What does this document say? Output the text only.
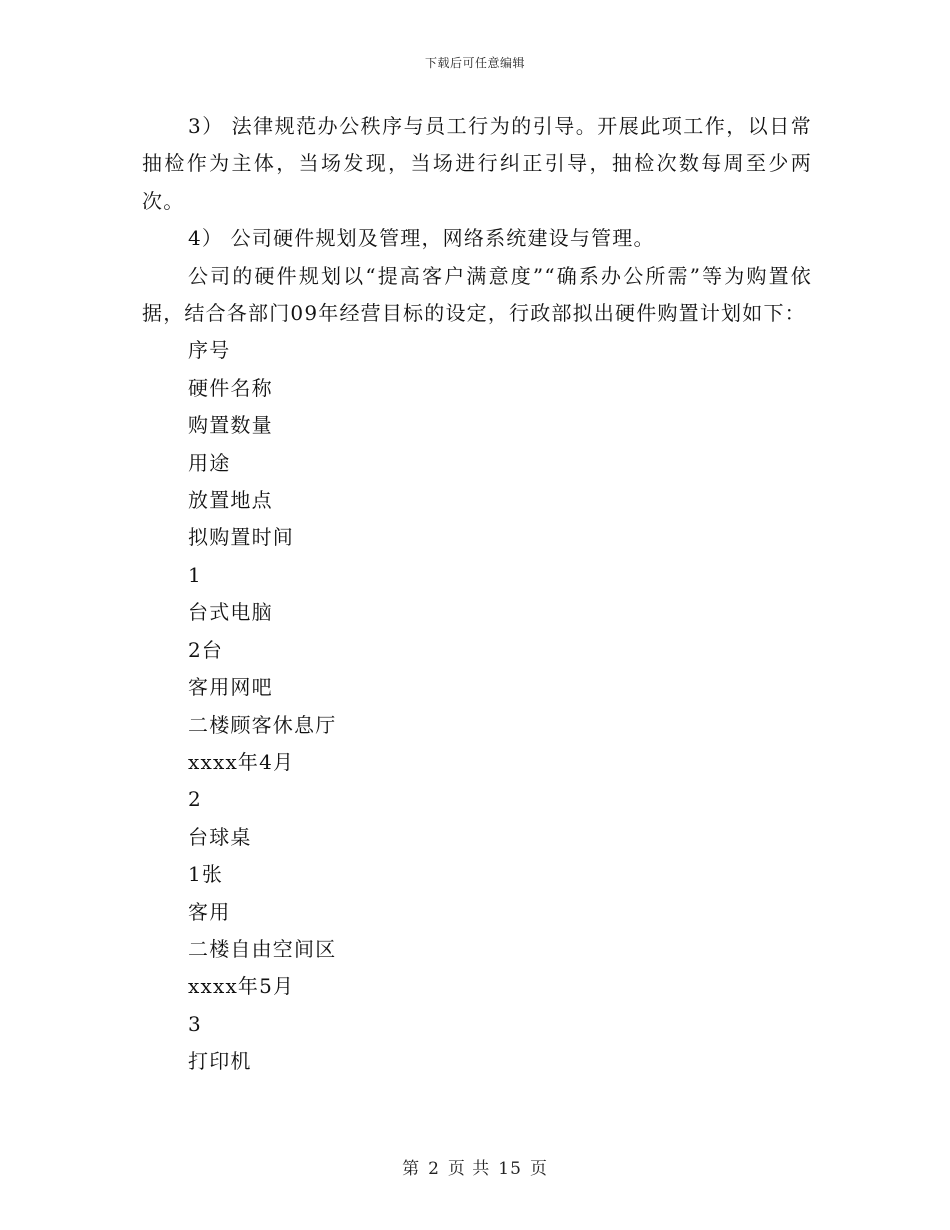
下载后可任意编辑

3） 法律规范办公秩序与员工行为的引导。开展此项工作，以日常抽检作为主体，当场发现，当场进行纠正引导，抽检次数每周至少两次。

4） 公司硬件规划及管理，网络系统建设与管理。

公司的硬件规划以“提高客户满意度”“确系办公所需”等为购置依据，结合各部门09年经营目标的设定，行政部拟出硬件购置计划如下：

序号

硬件名称

购置数量

用途

放置地点

拟购置时间

1

台式电脑

2台

客用网吧

二楼顾客休息厅

xxxx年4月

2

台球桌

1张

客用

二楼自由空间区

xxxx年5月

3

打印机

第 2 页 共 15 页
